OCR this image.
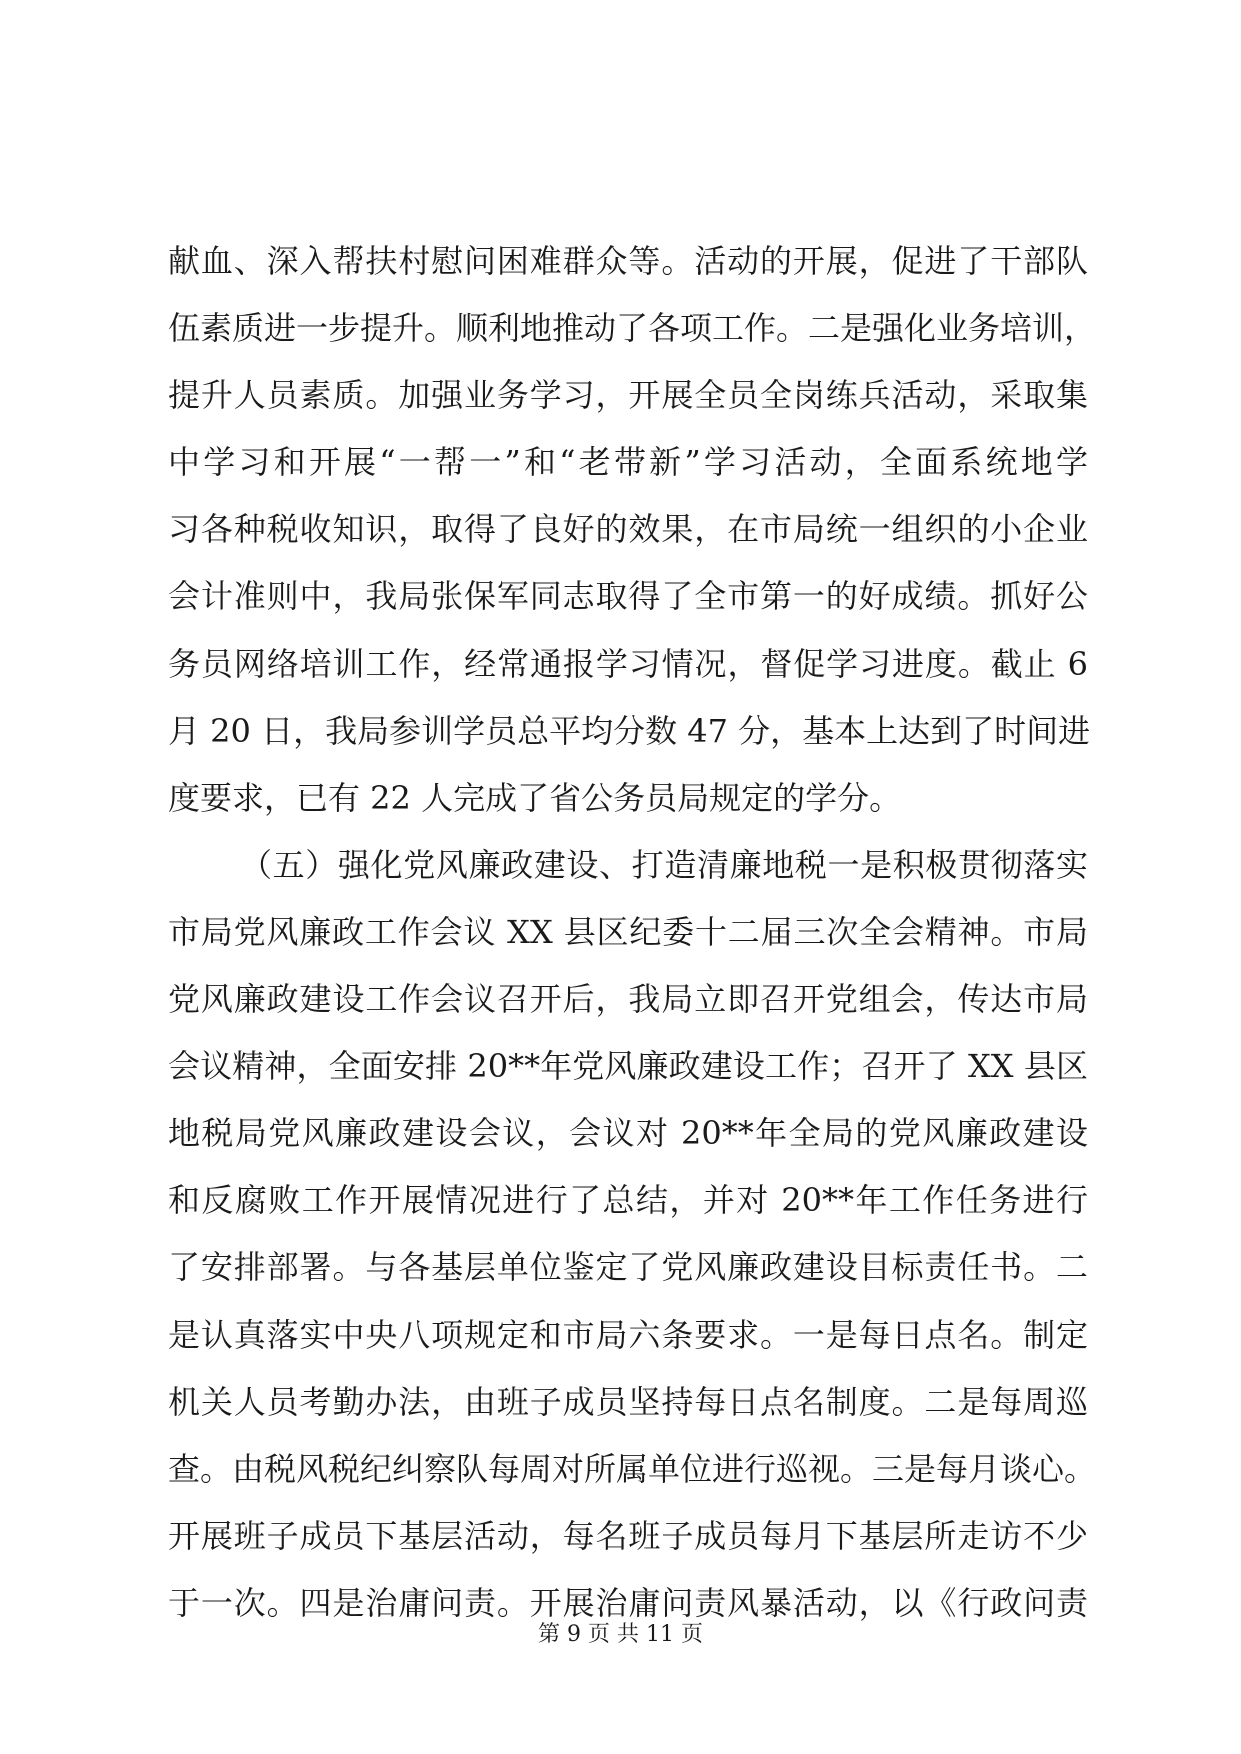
献血、深入帮扶村慰问困难群众等。活动的开展，促进了干部队
伍素质进一步提升。顺利地推动了各项工作。二是强化业务培训，
提升人员素质。加强业务学习，开展全员全岗练兵活动，采取集
中学习和开展“一帮一”和“老带新”学习活动，全面系统地学
习各种税收知识，取得了良好的效果，在市局统一组织的小企业
会计准则中，我局张保军同志取得了全市第一的好成绩。抓好公
务员网络培训工作，经常通报学习情况，督促学习进度。截止 6
月 20 日，我局参训学员总平均分数 47 分，基本上达到了时间进
度要求，已有 22 人完成了省公务员局规定的学分。
（五）强化党风廉政建设、打造清廉地税一是积极贯彻落实
市局党风廉政工作会议 XX 县区纪委十二届三次全会精神。市局
党风廉政建设工作会议召开后，我局立即召开党组会，传达市局
会议精神，全面安排 20**年党风廉政建设工作；召开了 XX 县区
地税局党风廉政建设会议，会议对 20**年全局的党风廉政建设
和反腐败工作开展情况进行了总结，并对 20**年工作任务进行
了安排部署。与各基层单位鉴定了党风廉政建设目标责任书。二
是认真落实中央八项规定和市局六条要求。一是每日点名。制定
机关人员考勤办法，由班子成员坚持每日点名制度。二是每周巡
查。由税风税纪纠察队每周对所属单位进行巡视。三是每月谈心。
开展班子成员下基层活动，每名班子成员每月下基层所走访不少
于一次。四是治庸问责。开展治庸问责风暴活动，以《行政问责
第 9 页 共 11 页
